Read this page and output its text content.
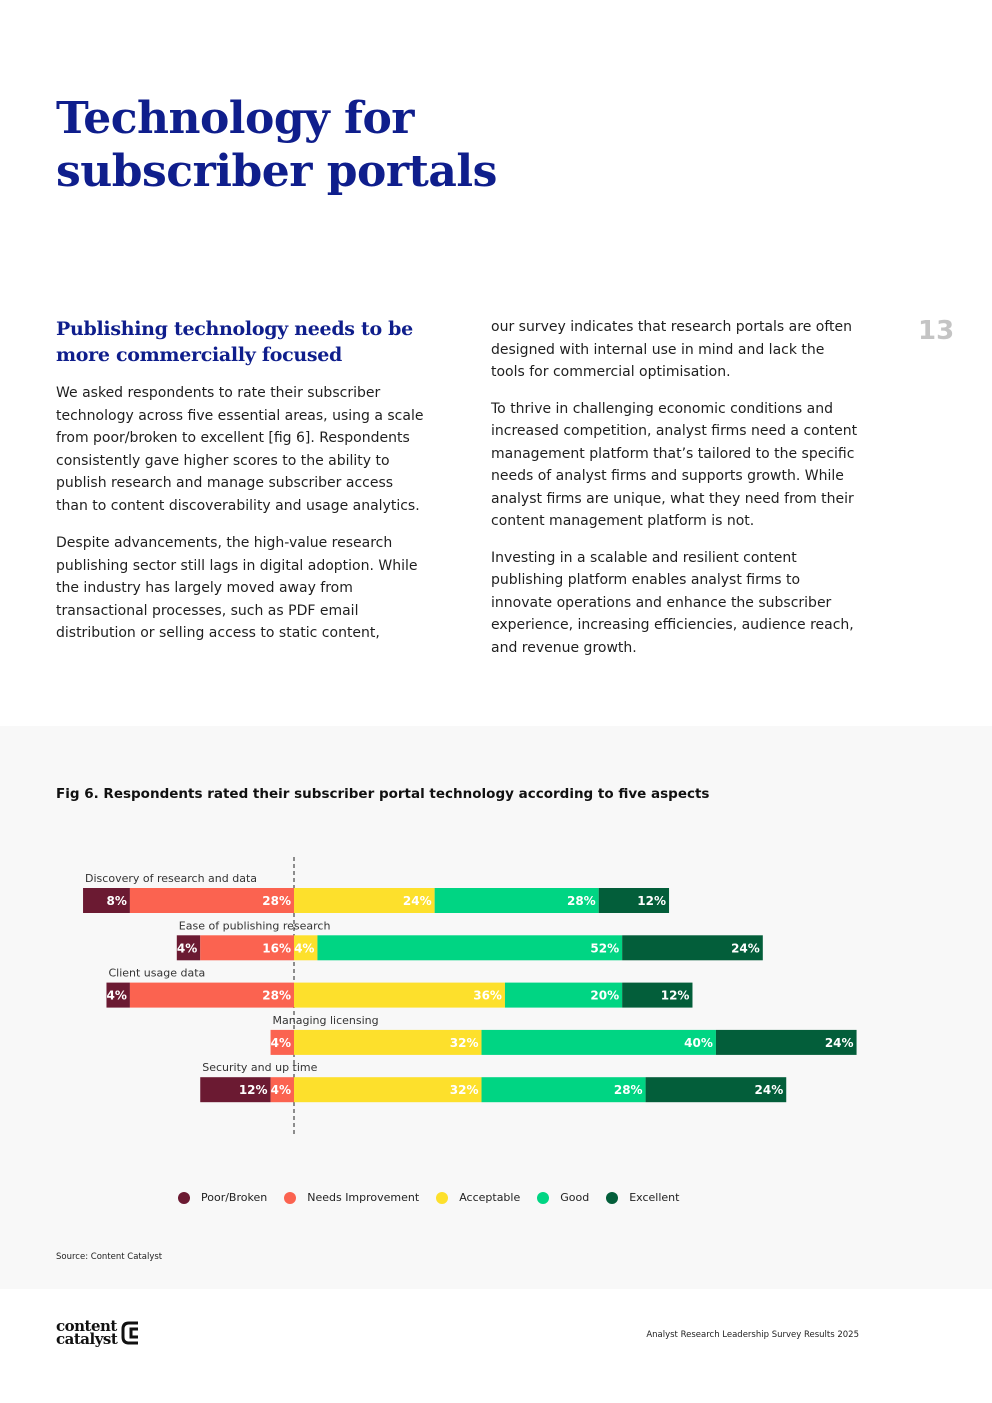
Technology for
subscriber portals
13
Publishing technology needs to be more commercially focused

We asked respondents to rate their subscriber technology across five essential areas, using a scale from poor/broken to excellent [fig 6]. Respondents consistently gave higher scores to the ability to publish research and manage subscriber access than to content discoverability and usage analytics.

Despite advancements, the high-value research publishing sector still lags in digital adoption. While the industry has largely moved away from transactional processes, such as PDF email distribution or selling access to static content,

our survey indicates that research portals are often designed with internal use in mind and lack the tools for commercial optimisation.

To thrive in challenging economic conditions and increased competition, analyst firms need a content management platform that’s tailored to the specific needs of analyst firms and supports growth. While analyst firms are unique, what they need from their content management platform is not.

Investing in a scalable and resilient content publishing platform enables analyst firms to innovate operations and enhance the subscriber experience, increasing efficiencies, audience reach, and revenue growth.

Fig 6. Respondents rated their subscriber portal technology according to five aspects

Discovery of research and data
8%	28%	24%	28%	12%
Ease of publishing research
4%	16% 4%	52%	24%
Client usage data
4%	28%	36%	20%	12%
Managing licensing
4%	32%	40%	24%
Security and up time
12% 4%	32%	28%	24%
Poor/Broken	Needs Improvement	Acceptable	Good	Excellent
Source: Content Catalyst
content
catalyst	Analyst Research Leadership Survey Results 2025
